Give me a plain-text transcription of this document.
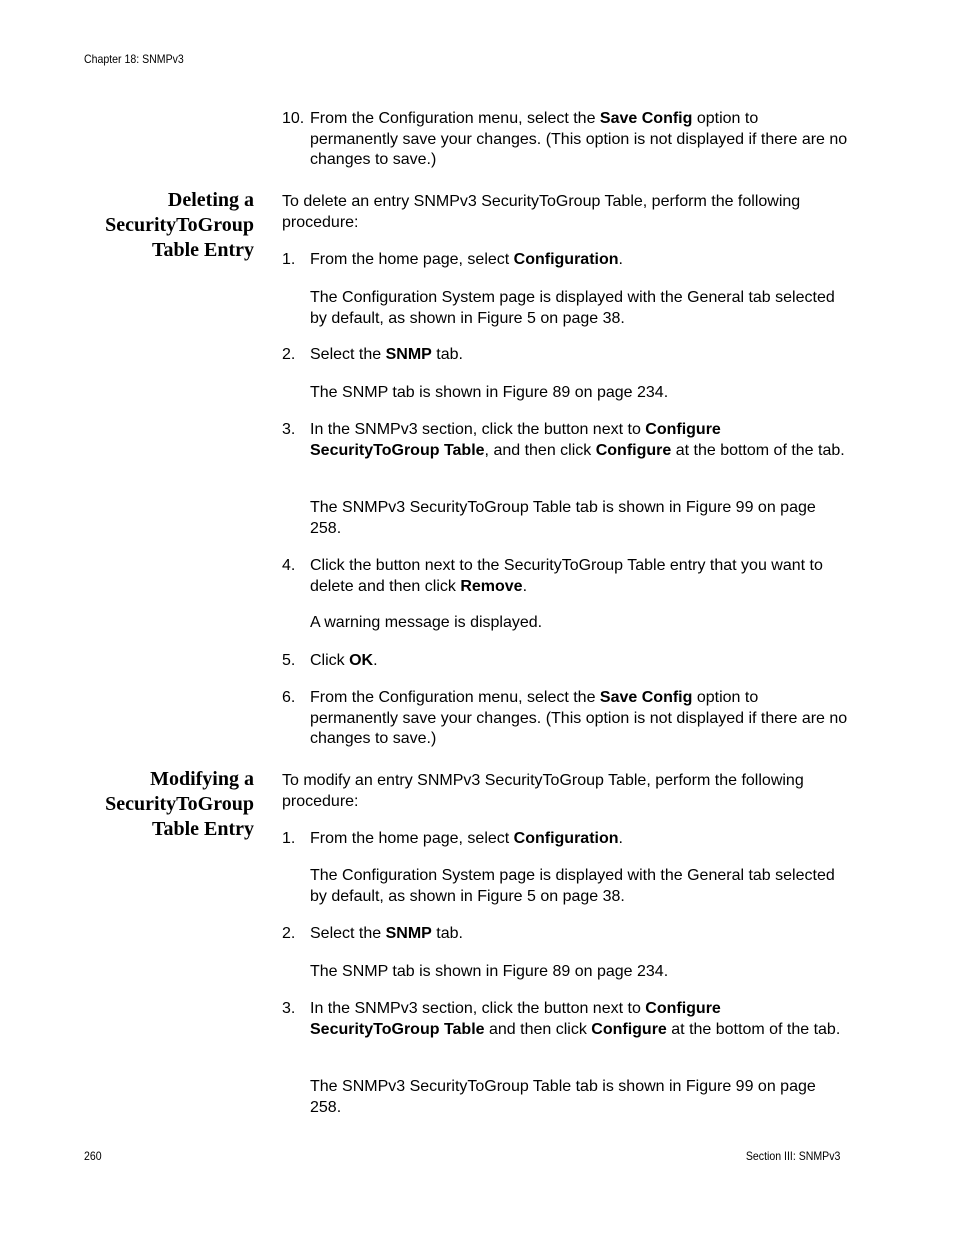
Chapter 18: SNMPv3
10. From the Configuration menu, select the Save Config option to permanently save your changes. (This option is not displayed if there are no changes to save.)
Deleting a
SecurityToGroup
Table Entry
To delete an entry SNMPv3 SecurityToGroup Table, perform the following procedure:
1. From the home page, select Configuration.
The Configuration System page is displayed with the General tab selected by default, as shown in Figure 5 on page 38.
2. Select the SNMP tab.
The SNMP tab is shown in Figure 89 on page 234.
3. In the SNMPv3 section, click the button next to Configure SecurityToGroup Table, and then click Configure at the bottom of the tab.
The SNMPv3 SecurityToGroup Table tab is shown in Figure 99 on page 258.
4. Click the button next to the SecurityToGroup Table entry that you want to delete and then click Remove.
A warning message is displayed.
5. Click OK.
6. From the Configuration menu, select the Save Config option to permanently save your changes. (This option is not displayed if there are no changes to save.)
Modifying a
SecurityToGroup
Table Entry
To modify an entry SNMPv3 SecurityToGroup Table, perform the following procedure:
1. From the home page, select Configuration.
The Configuration System page is displayed with the General tab selected by default, as shown in Figure 5 on page 38.
2. Select the SNMP tab.
The SNMP tab is shown in Figure 89 on page 234.
3. In the SNMPv3 section, click the button next to Configure SecurityToGroup Table and then click Configure at the bottom of the tab.
The SNMPv3 SecurityToGroup Table tab is shown in Figure 99 on page 258.
260	Section III: SNMPv3
